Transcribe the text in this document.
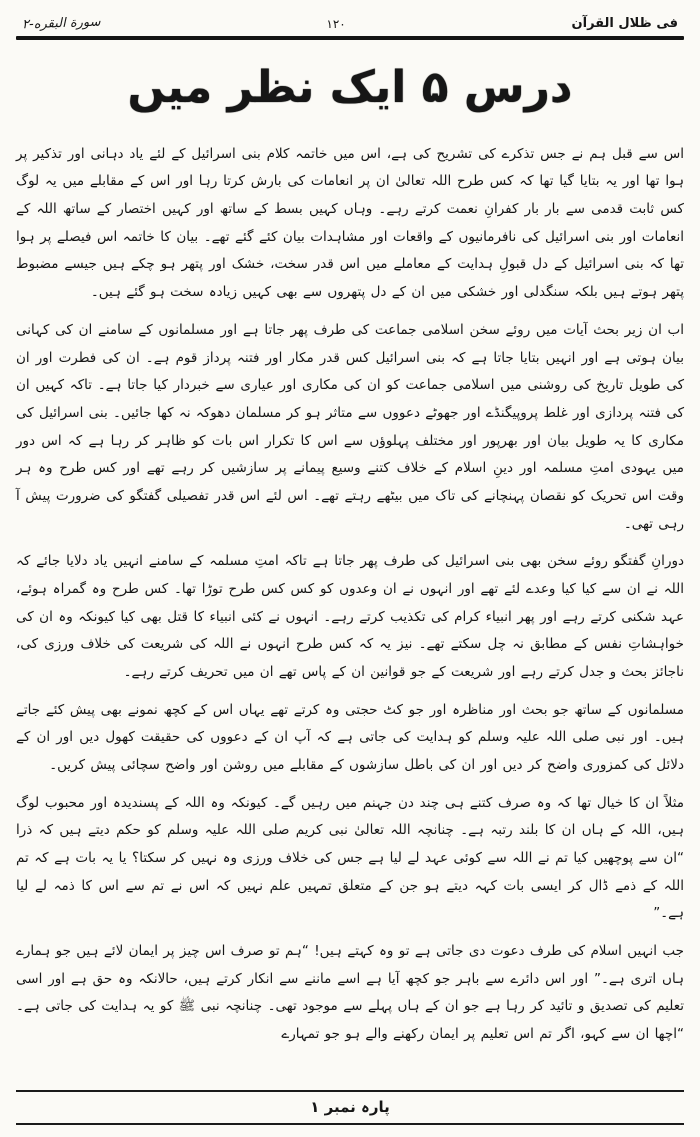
فی ظلال القرآن
۱۲۰
سورة البقره-۲
درس ۵ ایک نظر میں

اس سے قبل ہم نے جس تذکرے کی تشریح کی ہے، اس میں خاتمہ کلام بنی اسرائیل کے لئے یاد دہانی اور تذکیر پر ہوا تھا اور یہ بتایا گیا تھا کہ کس طرح اللہ تعالیٰ ان پر انعامات کی بارش کرتا رہا اور اس کے مقابلے میں یہ لوگ کس ثابت قدمی سے بار بار کفرانِ نعمت کرتے رہے۔ وہاں کہیں بسط کے ساتھ اور کہیں اختصار کے ساتھ اللہ کے انعامات اور بنی اسرائیل کی نافرمانیوں کے واقعات اور مشاہدات بیان کئے گئے تھے۔ بیان کا خاتمہ اس فیصلے پر ہوا تھا کہ بنی اسرائیل کے دل قبولِ ہدایت کے معاملے میں اس قدر سخت، خشک اور پتھر ہو چکے ہیں جیسے مضبوط پتھر ہوتے ہیں بلکہ سنگدلی اور خشکی میں ان کے دل پتھروں سے بھی کہیں زیادہ سخت ہو گئے ہیں۔

اب ان زیر بحث آیات میں روئے سخن اسلامی جماعت کی طرف پھر جاتا ہے اور مسلمانوں کے سامنے ان کی کہانی بیان ہوتی ہے اور انہیں بتایا جاتا ہے کہ بنی اسرائیل کس قدر مکار اور فتنہ پرداز قوم ہے۔ ان کی فطرت اور ان کی طویل تاریخ کی روشنی میں اسلامی جماعت کو ان کی مکاری اور عیاری سے خبردار کیا جاتا ہے۔ تاکہ کہیں ان کی فتنہ پردازی اور غلط پروپیگنڈے اور جھوٹے دعووں سے متاثر ہو کر مسلمان دھوکہ نہ کھا جائیں۔ بنی اسرائیل کی مکاری کا یہ طویل بیان اور بھرپور اور مختلف پہلوؤں سے اس کا تکرار اس بات کو ظاہر کر رہا ہے کہ اس دور میں یہودی امتِ مسلمہ اور دینِ اسلام کے خلاف کتنے وسیع پیمانے پر سازشیں کر رہے تھے اور کس طرح وہ ہر وقت اس تحریک کو نقصان پہنچانے کی تاک میں بیٹھے رہتے تھے۔ اس لئے اس قدر تفصیلی گفتگو کی ضرورت پیش آ رہی تھی۔

دورانِ گفتگو روئے سخن بھی بنی اسرائیل کی طرف پھر جاتا ہے تاکہ امتِ مسلمہ کے سامنے انہیں یاد دلایا جائے کہ اللہ نے ان سے کیا کیا وعدے لئے تھے اور انہوں نے ان وعدوں کو کس کس طرح توڑا تھا۔ کس طرح وہ گمراہ ہوئے، عہد شکنی کرتے رہے اور پھر انبیاء کرام کی تکذیب کرتے رہے۔ انہوں نے کئی انبیاء کا قتل بھی کیا کیونکہ وہ ان کی خواہشاتِ نفس کے مطابق نہ چل سکتے تھے۔ نیز یہ کہ کس طرح انہوں نے اللہ کی شریعت کی خلاف ورزی کی، ناجائز بحث و جدل کرتے رہے اور شریعت کے جو قوانین ان کے پاس تھے ان میں تحریف کرتے رہے۔

مسلمانوں کے ساتھ جو بحث اور مناظرہ اور جو کٹ حجتی وہ کرتے تھے یہاں اس کے کچھ نمونے بھی پیش کئے جاتے ہیں۔ اور نبی صلی اللہ علیہ وسلم کو ہدایت کی جاتی ہے کہ آپ ان کے دعووں کی حقیقت کھول دیں اور ان کے دلائل کی کمزوری واضح کر دیں اور ان کی باطل سازشوں کے مقابلے میں روشن اور واضح سچائی پیش کریں۔

مثلاً ان کا خیال تھا کہ وہ صرف کتنے ہی چند دن جہنم میں رہیں گے۔ کیونکہ وہ اللہ کے پسندیدہ اور محبوب لوگ ہیں، اللہ کے ہاں ان کا بلند رتبہ ہے۔ چنانچہ اللہ تعالیٰ نبی کریم صلی اللہ علیہ وسلم کو حکم دیتے ہیں کہ ذرا “ان سے پوچھیں کیا تم نے اللہ سے کوئی عہد لے لیا ہے جس کی خلاف ورزی وہ نہیں کر سکتا؟ یا یہ بات ہے کہ تم اللہ کے ذمے ڈال کر ایسی بات کہہ دیتے ہو جن کے متعلق تمہیں علم نہیں کہ اس نے تم سے اس کا ذمہ لے لیا ہے۔”

جب انہیں اسلام کی طرف دعوت دی جاتی ہے تو وہ کہتے ہیں! “ہم تو صرف اس چیز پر ایمان لائے ہیں جو ہمارے ہاں اتری ہے۔” اور اس دائرے سے باہر جو کچھ آیا ہے اسے ماننے سے انکار کرتے ہیں، حالانکہ وہ حق ہے اور اسی تعلیم کی تصدیق و تائید کر رہا ہے جو ان کے ہاں پہلے سے موجود تھی۔ چنانچہ نبی ﷺ کو یہ ہدایت کی جاتی ہے۔ “اچھا ان سے کہو، اگر تم اس تعلیم پر ایمان رکھنے والے ہو جو تمہارے

پارہ نمبر ۱
